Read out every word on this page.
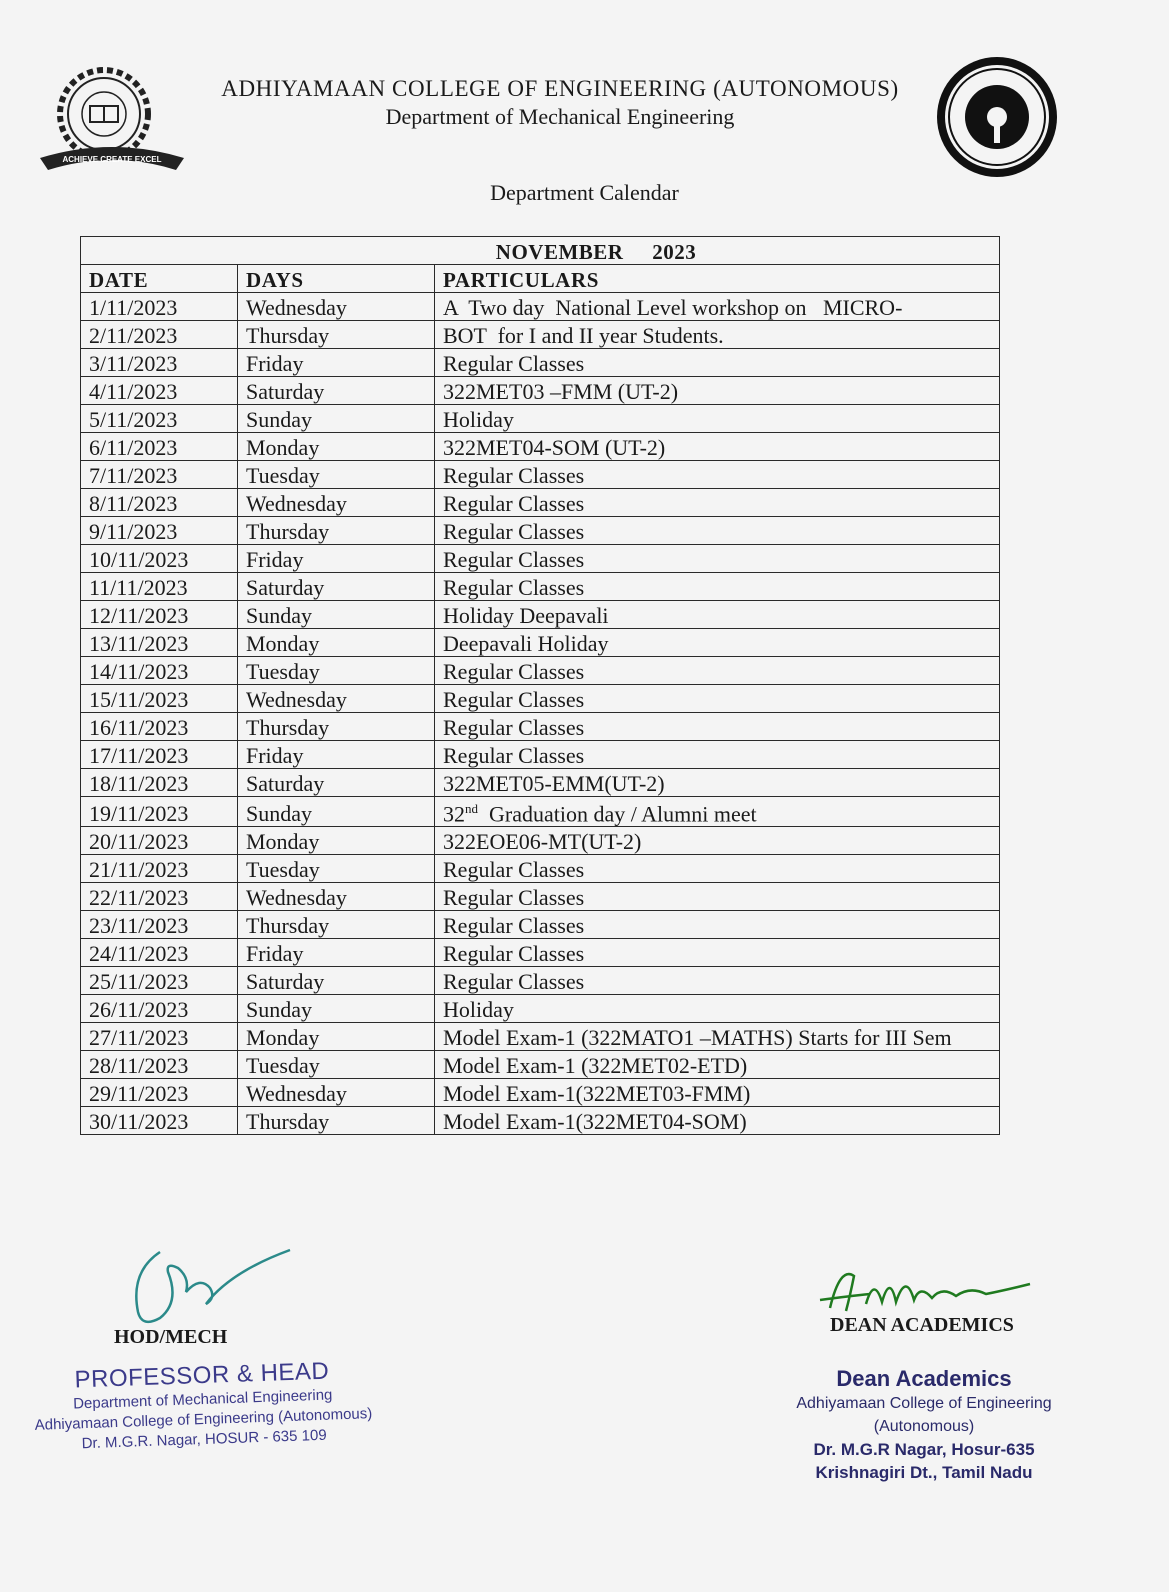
ACHIEVE CREATE EXCEL

ADHIYAMAAN COLLEGE OF ENGINEERING (AUTONOMOUS)

Department of Mechanical Engineering

Department Calendar
NOVEMBER 2023		
DATE	DAYS	PARTICULARS
1/11/2023	Wednesday	A  Two day  National Level workshop on   MICRO-
2/11/2023	Thursday	BOT  for I and II year Students.
3/11/2023	Friday	Regular Classes
4/11/2023	Saturday	322MET03 –FMM (UT-2)
5/11/2023	Sunday	Holiday
6/11/2023	Monday	322MET04-SOM (UT-2)
7/11/2023	Tuesday	Regular Classes
8/11/2023	Wednesday	Regular Classes
9/11/2023	Thursday	Regular Classes
10/11/2023	Friday	Regular Classes
11/11/2023	Saturday	Regular Classes
12/11/2023	Sunday	Holiday Deepavali
13/11/2023	Monday	Deepavali Holiday
14/11/2023	Tuesday	Regular Classes
15/11/2023	Wednesday	Regular Classes
16/11/2023	Thursday	Regular Classes
17/11/2023	Friday	Regular Classes
18/11/2023	Saturday	322MET05-EMM(UT-2)
19/11/2023	Sunday	32nd  Graduation day / Alumni meet
20/11/2023	Monday	322EOE06-MT(UT-2)
21/11/2023	Tuesday	Regular Classes
22/11/2023	Wednesday	Regular Classes
23/11/2023	Thursday	Regular Classes
24/11/2023	Friday	Regular Classes
25/11/2023	Saturday	Regular Classes
26/11/2023	Sunday	Holiday
27/11/2023	Monday	Model Exam-1 (322MATO1 –MATHS) Starts for III Sem
28/11/2023	Tuesday	Model Exam-1 (322MET02-ETD)
29/11/2023	Wednesday	Model Exam-1(322MET03-FMM)
30/11/2023	Thursday	Model Exam-1(322MET04-SOM)
HOD/MECH
DEAN ACADEMICS
PROFESSOR & HEAD
Department of Mechanical Engineering
Adhiyamaan College of Engineering (Autonomous)
Dr. M.G.R. Nagar, HOSUR - 635 109
Dean Academics
Adhiyamaan College of Engineering (Autonomous)
Dr. M.G.R Nagar, Hosur-635
Krishnagiri Dt., Tamil Nadu
